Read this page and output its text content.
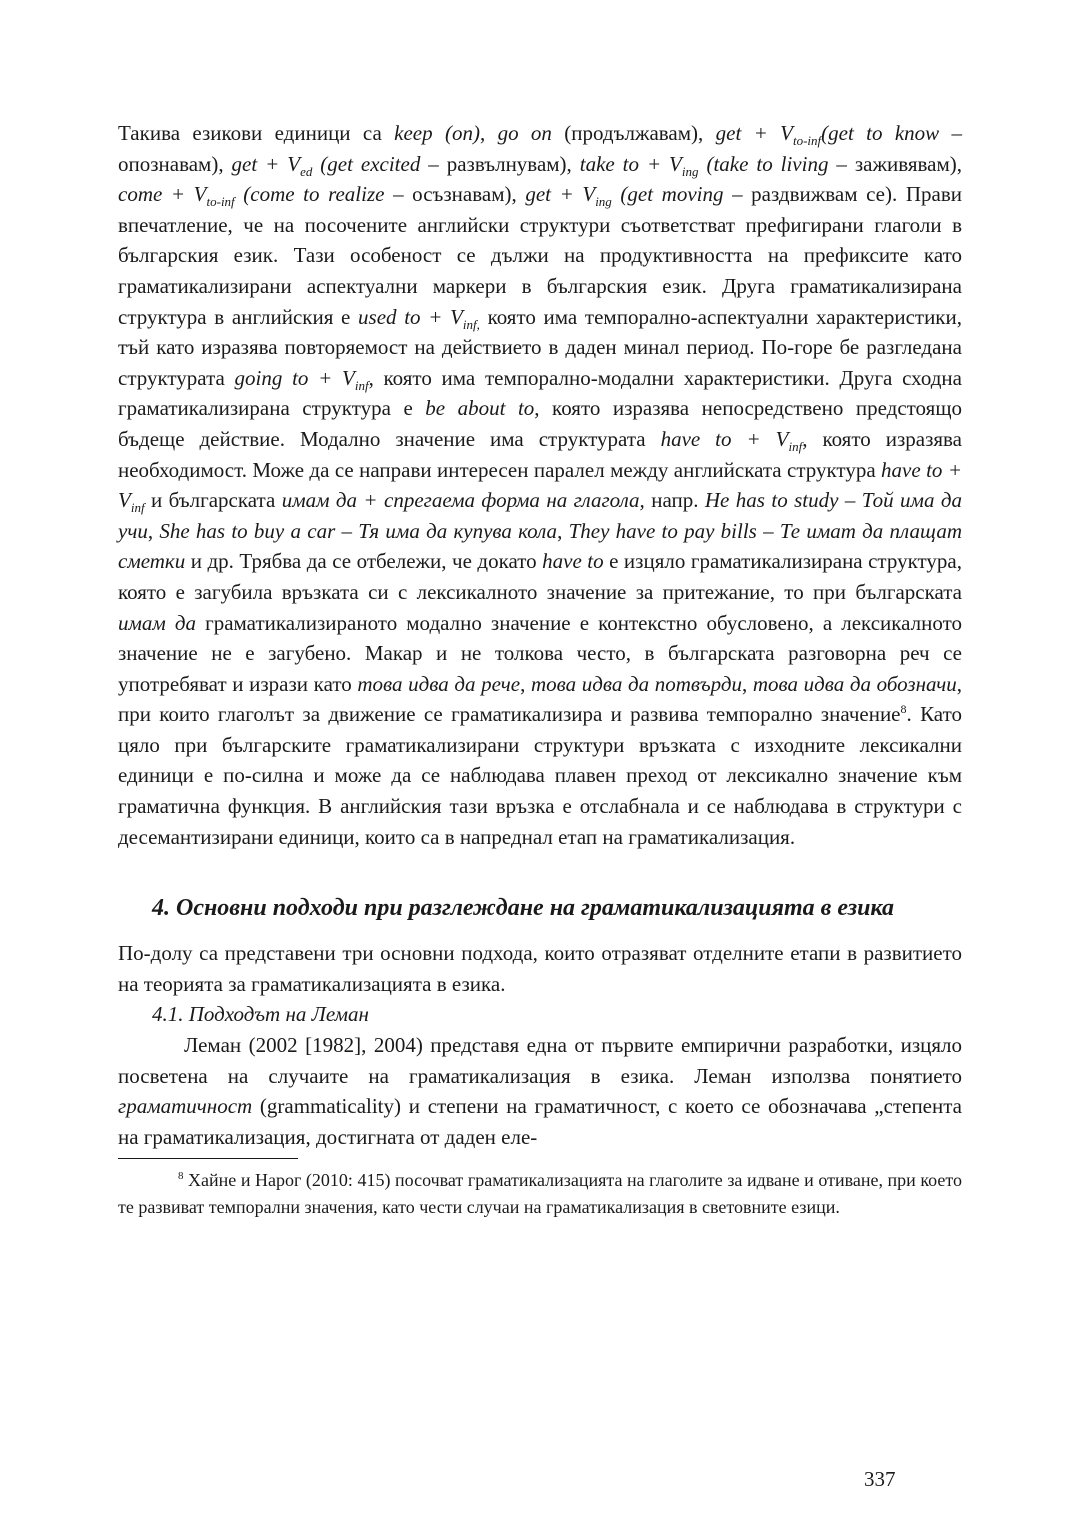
Такива езикови единици са keep (on), go on (продължавам), get + $V_{to-inf}(get$ to know – опознавам), get + $V_{ed}$ (get excited – развълнувам), take to + $V_{ing}$ (take to living – заживявам), come + $V_{to-inf}$ (come to realize – осъзнавам), get + $V_{ing}$ (get moving – раздвижвам се). Прави впечатление, че на посочените английски структури съответстват префигирани глаголи в българския език. Тази особеност се дължи на продуктивността на префиксите като граматикализирани аспектуални маркери в българския език. Друга граматикализирана структура в английския е used to + $V_{inf,}$ която има темпорално-аспектуални характеристики, тъй като изразява повторяемост на действието в даден минал период. По-горе бе разгледана структурата going to + $V_{inf}$, която има темпорално-модални характеристики. Друга сходна граматикализирана структура е be about to, която изразява непосредствено предстоящо бъдеще действие. Модално значение има структурата have to + $V_{inf}$, която изразява необходимост. Може да се направи интересен паралел между английската структура have to + $V_{inf}$ и българската имам да + спрегаема форма на глагола, напр. He has to study – Той има да учи, She has to buy a car – Тя има да купува кола, They have to pay bills – Те имат да плащат сметки и др. Трябва да се отбележи, че докато have to е изцяло граматикализирана структура, която е загубила връзката си с лексикалното значение за притежание, то при българската имам да граматикализираното модално значение е контекстно обусловено, а лексикалното значение не е загубено. Макар и не толкова често, в българската разговорна реч се употребяват и изрази като това идва да рече, това идва да потвърди, това идва да обозначи, при които глаголът за движение се граматикализира и развива темпорално значение$^8$. Като цяло при българските граматикализирани структури връзката с изходните лексикални единици е по-силна и може да се наблюдава плавен преход от лексикално значение към граматична функция. В английския тази връзка е отслабнала и се наблюдава в структури с десемантизирани единици, които са в напреднал етап на граматикализация.

4. Основни подходи при разглеждане на граматикализацията в езика

По-долу са представени три основни подхода, които отразяват отделните етапи в развитието на теорията за граматикализацията в езика.

4.1. Подходът на Леман

Леман (2002 [1982], 2004) представя една от първите емпирични разработки, изцяло посветена на случаите на граматикализация в езика. Леман използва понятието граматичност (grammaticality) и степени на граматичност, с което се обозначава „степента на граматикализация, достигната от даден еле-

$^8$ Хайне и Нарог (2010: 415) посочват граматикализацията на глаголите за идване и отиване, при което те развиват темпорални значения, като чести случаи на граматикализация в световните езици.

337
